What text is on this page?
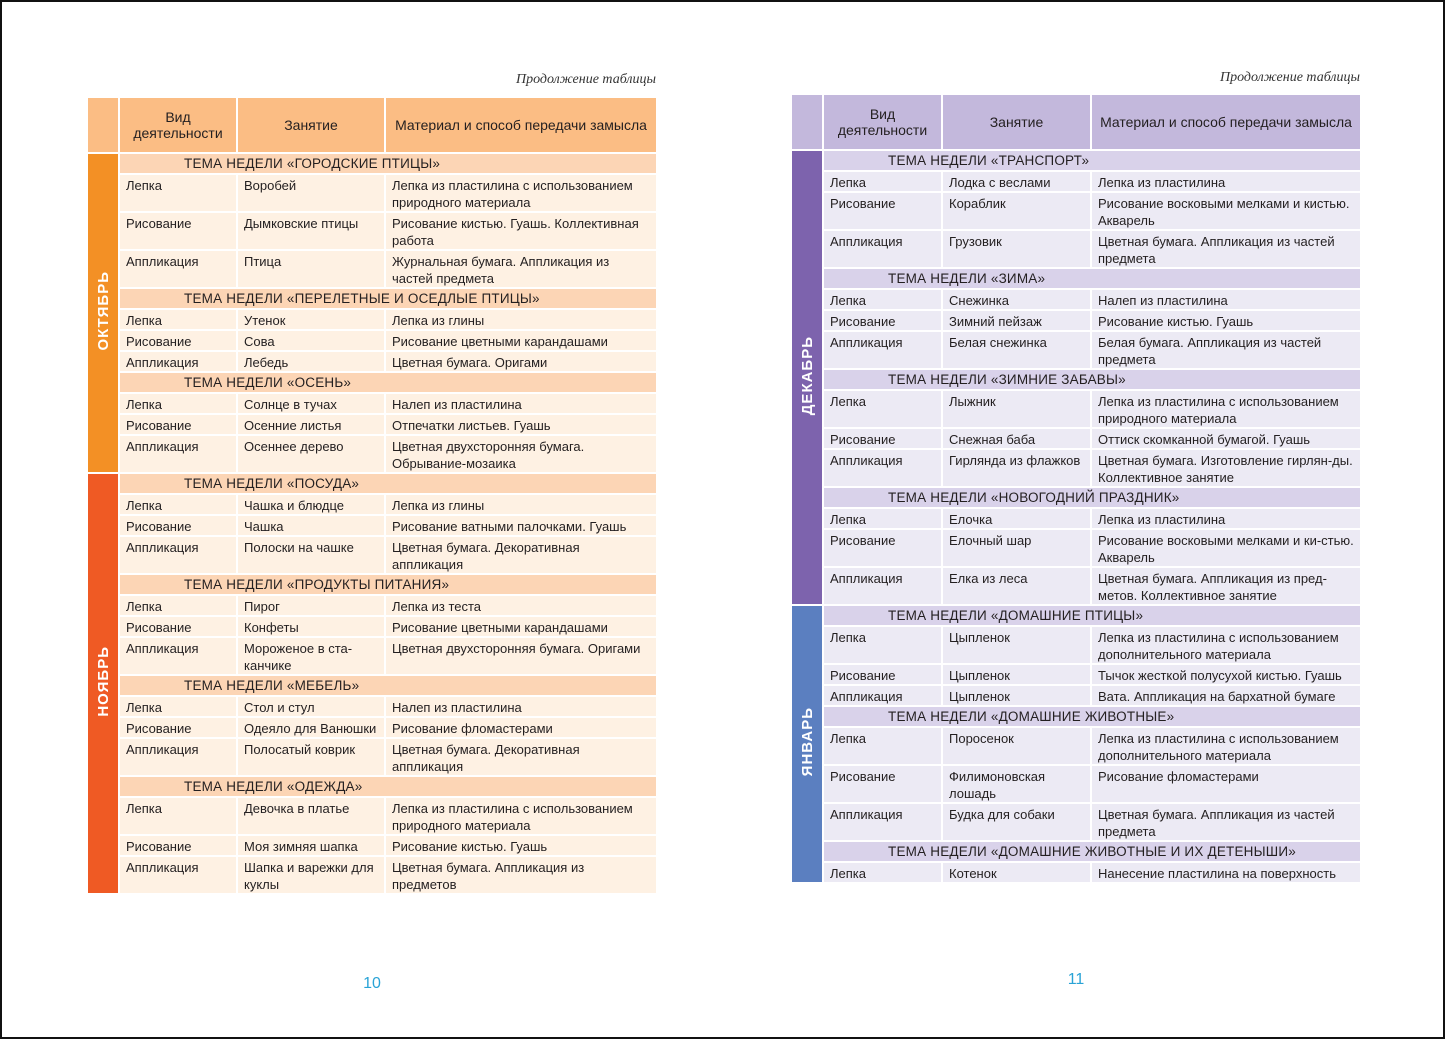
Продолжение таблицы
	Вид деятельности	Занятие	Материал и способ передачи замысла
ОКТЯБРЬ	ТЕМА НЕДЕЛИ «ГОРОДСКИЕ ПТИЦЫ»		
	Лепка	Воробей	Лепка из пластилина с использованием природного материала
	Рисование	Дымковские птицы	Рисование кистью. Гуашь. Коллективная работа
	Аппликация	Птица	Журнальная бумага. Аппликация из частей предмета
	ТЕМА НЕДЕЛИ «ПЕРЕЛЕТНЫЕ И ОСЕДЛЫЕ ПТИЦЫ»		
	Лепка	Утенок	Лепка из глины
	Рисование	Сова	Рисование цветными карандашами
	Аппликация	Лебедь	Цветная бумага. Оригами
	ТЕМА НЕДЕЛИ «ОСЕНЬ»		
	Лепка	Солнце в тучах	Налеп из пластилина
	Рисование	Осенние листья	Отпечатки листьев. Гуашь
	Аппликация	Осеннее дерево	Цветная двухсторонняя бумага. Обрывание-мозаика
НОЯБРЬ	ТЕМА НЕДЕЛИ «ПОСУДА»		
	Лепка	Чашка и блюдце	Лепка из глины
	Рисование	Чашка	Рисование ватными палочками. Гуашь
	Аппликация	Полоски на чашке	Цветная бумага. Декоративная аппликация
	ТЕМА НЕДЕЛИ «ПРОДУКТЫ ПИТАНИЯ»		
	Лепка	Пирог	Лепка из теста
	Рисование	Конфеты	Рисование цветными карандашами
	Аппликация	Мороженое в ста-канчике	Цветная двухсторонняя бумага. Оригами
	ТЕМА НЕДЕЛИ «МЕБЕЛЬ»		
	Лепка	Стол и стул	Налеп из пластилина
	Рисование	Одеяло для Ванюшки	Рисование фломастерами
	Аппликация	Полосатый коврик	Цветная бумага. Декоративная аппликация
	ТЕМА НЕДЕЛИ «ОДЕЖДА»		
	Лепка	Девочка в платье	Лепка из пластилина с использованием природного материала
	Рисование	Моя зимняя шапка	Рисование кистью. Гуашь
	Аппликация	Шапка и варежки для куклы	Цветная бумага. Аппликация из предметов
10
Продолжение таблицы
	Вид деятельности	Занятие	Материал и способ передачи замысла
ДЕКАБРЬ	ТЕМА НЕДЕЛИ «ТРАНСПОРТ»		
	Лепка	Лодка с веслами	Лепка из пластилина
	Рисование	Кораблик	Рисование восковыми мелками и кистью. Акварель
	Аппликация	Грузовик	Цветная бумага. Аппликация из частей предмета
	ТЕМА НЕДЕЛИ «ЗИМА»		
	Лепка	Снежинка	Налеп из пластилина
	Рисование	Зимний пейзаж	Рисование кистью. Гуашь
	Аппликация	Белая снежинка	Белая бумага. Аппликация из частей предмета
	ТЕМА НЕДЕЛИ «ЗИМНИЕ ЗАБАВЫ»		
	Лепка	Лыжник	Лепка из пластилина с использованием природного материала
	Рисование	Снежная баба	Оттиск скомканной бумагой. Гуашь
	Аппликация	Гирлянда из флажков	Цветная бумага. Изготовление гирлян-ды. Коллективное занятие
	ТЕМА НЕДЕЛИ «НОВОГОДНИЙ ПРАЗДНИК»		
	Лепка	Елочка	Лепка из пластилина
	Рисование	Елочный шар	Рисование восковыми мелками и ки-стью. Акварель
	Аппликация	Елка из леса	Цветная бумага. Аппликация из пред-метов. Коллективное занятие
ЯНВАРЬ	ТЕМА НЕДЕЛИ «ДОМАШНИЕ ПТИЦЫ»		
	Лепка	Цыпленок	Лепка из пластилина с использованием дополнительного материала
	Рисование	Цыпленок	Тычок жесткой полусухой кистью. Гуашь
	Аппликация	Цыпленок	Вата. Аппликация на бархатной бумаге
	ТЕМА НЕДЕЛИ «ДОМАШНИЕ ЖИВОТНЫЕ»		
	Лепка	Поросенок	Лепка из пластилина с использованием дополнительного материала
	Рисование	Филимоновская лошадь	Рисование фломастерами
	Аппликация	Будка для собаки	Цветная бумага. Аппликация из частей предмета
	ТЕМА НЕДЕЛИ «ДОМАШНИЕ ЖИВОТНЫЕ И ИХ ДЕТЕНЫШИ»		
	Лепка	Котенок	Нанесение пластилина на поверхность
11
